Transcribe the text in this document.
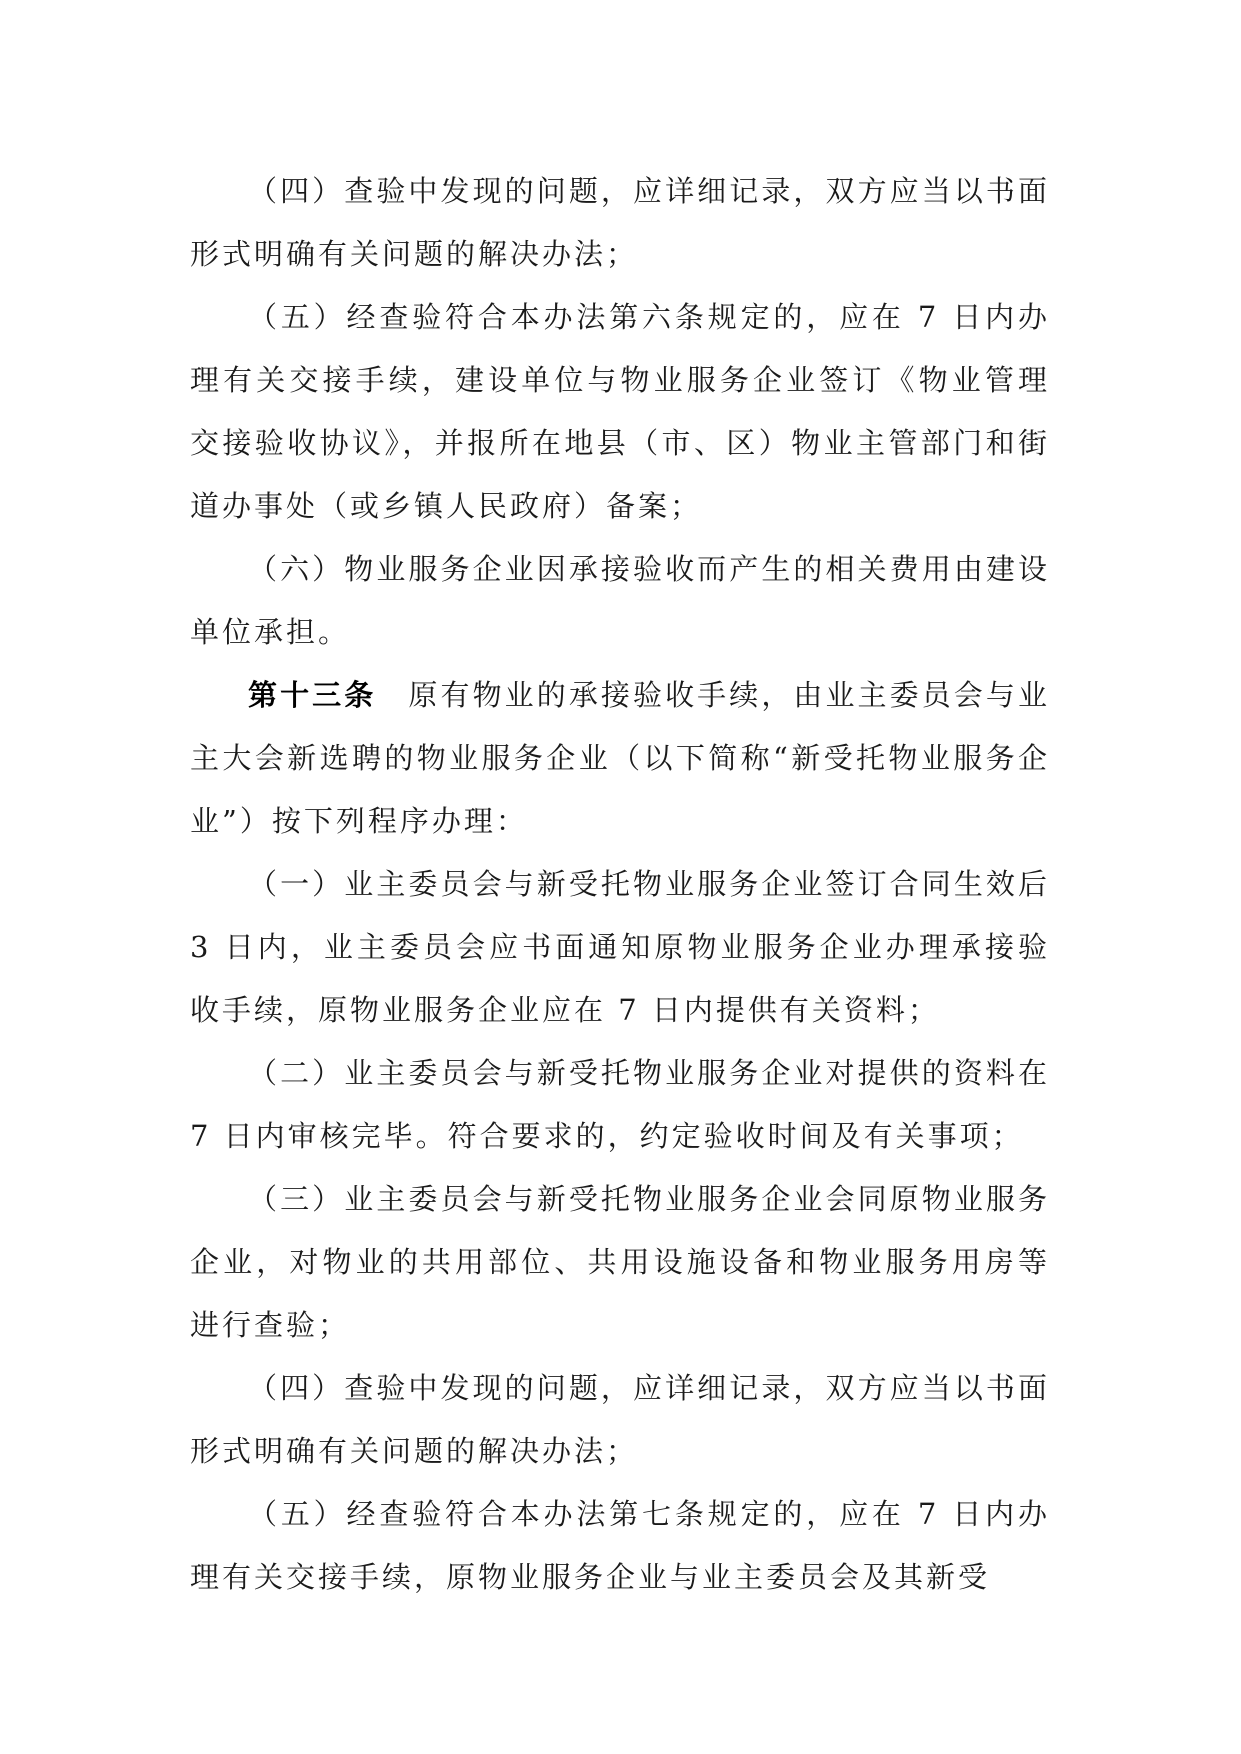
（四）查验中发现的问题，应详细记录，双方应当以书面形式明确有关问题的解决办法；

（五）经查验符合本办法第六条规定的，应在 7 日内办理有关交接手续，建设单位与物业服务企业签订《物业管理交接验收协议》，并报所在地县（市、区）物业主管部门和街道办事处（或乡镇人民政府）备案；

（六）物业服务企业因承接验收而产生的相关费用由建设单位承担。

第十三条　 原有物业的承接验收手续，由业主委员会与业主大会新选聘的物业服务企业（以下简称“新受托物业服务企业”）按下列程序办理：

（一）业主委员会与新受托物业服务企业签订合同生效后 3 日内，业主委员会应书面通知原物业服务企业办理承接验收手续，原物业服务企业应在 7 日内提供有关资料；

（二）业主委员会与新受托物业服务企业对提供的资料在 7 日内审核完毕。符合要求的，约定验收时间及有关事项；

（三）业主委员会与新受托物业服务企业会同原物业服务企业，对物业的共用部位、共用设施设备和物业服务用房等进行查验；

（四）查验中发现的问题，应详细记录，双方应当以书面形式明确有关问题的解决办法；

（五）经查验符合本办法第七条规定的，应在 7 日内办理有关交接手续，原物业服务企业与业主委员会及其新受
